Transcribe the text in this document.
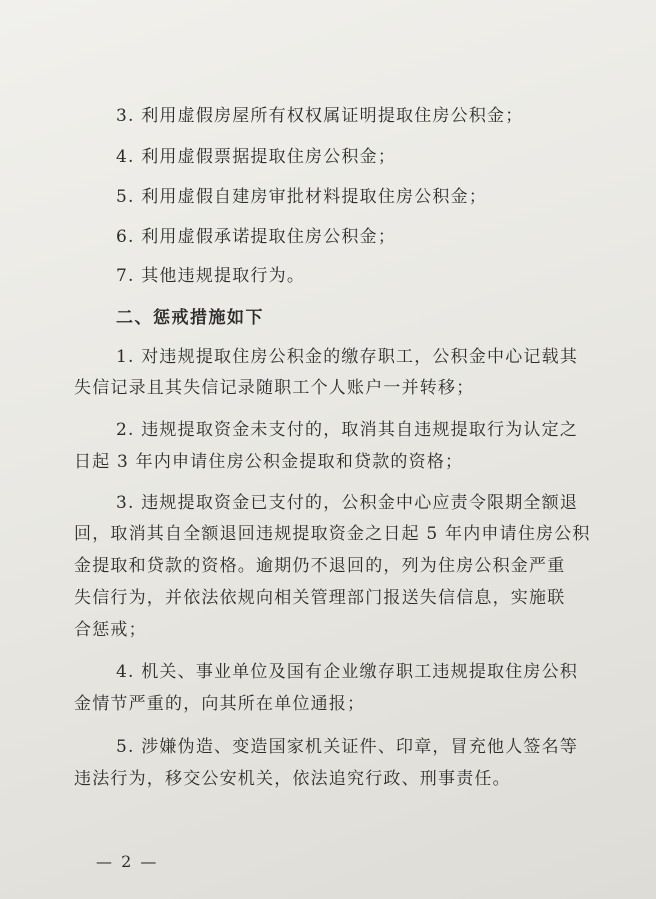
3. 利用虚假房屋所有权权属证明提取住房公积金；
4. 利用虚假票据提取住房公积金；
5. 利用虚假自建房审批材料提取住房公积金；
6. 利用虚假承诺提取住房公积金；
7. 其他违规提取行为。
二、惩戒措施如下
1. 对违规提取住房公积金的缴存职工，公积金中心记载其
失信记录且其失信记录随职工个人账户一并转移；
2. 违规提取资金未支付的，取消其自违规提取行为认定之
日起 3 年内申请住房公积金提取和贷款的资格；
3. 违规提取资金已支付的，公积金中心应责令限期全额退
回，取消其自全额退回违规提取资金之日起 5 年内申请住房公积
金提取和贷款的资格。逾期仍不退回的，列为住房公积金严重
失信行为，并依法依规向相关管理部门报送失信信息，实施联
合惩戒；
4. 机关、事业单位及国有企业缴存职工违规提取住房公积
金情节严重的，向其所在单位通报；
5. 涉嫌伪造、变造国家机关证件、印章，冒充他人签名等
违法行为，移交公安机关，依法追究行政、刑事责任。
— 2 —
